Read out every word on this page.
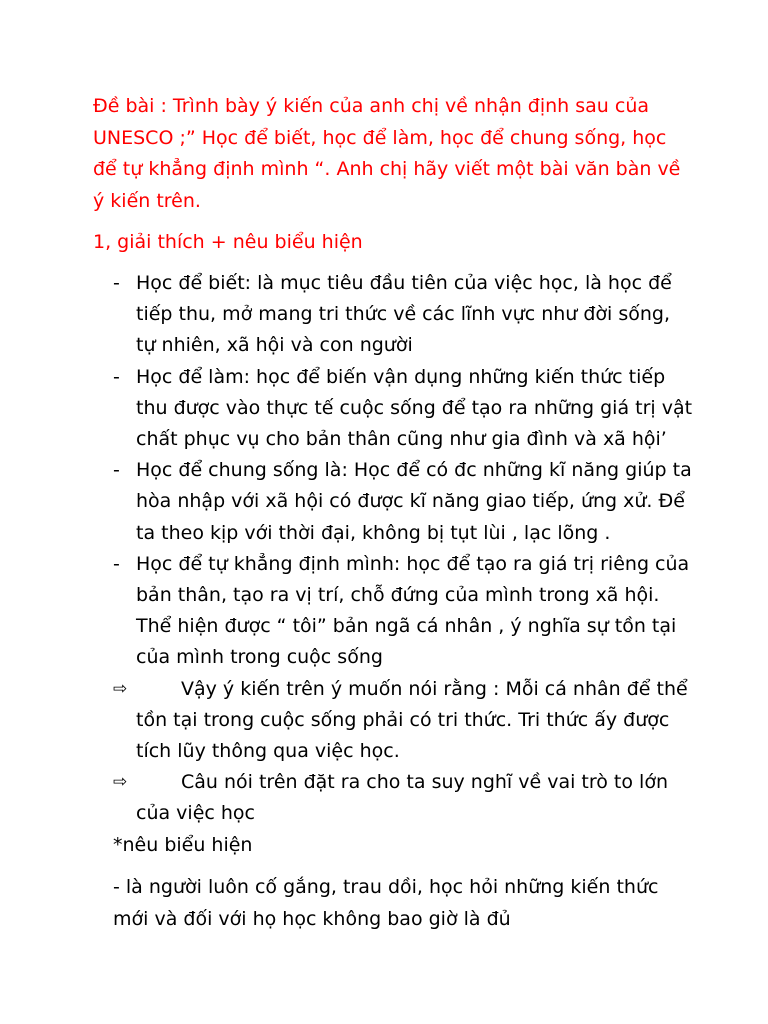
Đề bài : Trình bày ý kiến của anh chị về nhận định sau của UNESCO ;” Học để biết, học để làm, học để chung sống, học để tự khẳng định mình “. Anh chị hãy viết một bài văn bàn về ý kiến trên.
1, giải thích + nêu biểu hiện
- Học để biết: là mục tiêu đầu tiên của việc học, là học để tiếp thu, mở mang tri thức về các lĩnh vực như đời sống, tự nhiên, xã hội và con người
- Học để làm: học để biến vận dụng những kiến thức tiếp thu được vào thực tế cuộc sống để tạo ra những giá trị vật chất phục vụ cho bản thân cũng như gia đình và xã hội’
- Học để chung sống là: Học để có đc những kĩ năng giúp ta hòa nhập với xã hội có được kĩ năng giao tiếp, ứng xử. Để ta theo kịp với thời đại, không bị tụt lùi , lạc lõng .
- Học để tự khẳng định mình: học để tạo ra giá trị riêng của bản thân, tạo ra vị trí, chỗ đứng của mình trong xã hội. Thể hiện được “ tôi” bản ngã cá nhân , ý nghĩa sự tồn tại của mình trong cuộc sống
⇨	Vậy ý kiến trên ý muốn nói rằng : Mỗi cá nhân để thể tồn tại trong cuộc sống phải có tri thức. Tri thức ấy được tích lũy thông qua việc học.
⇨	Câu nói trên đặt ra cho ta suy nghĩ về vai trò to lớn của việc học
*nêu biểu hiện
- là người luôn cố gắng, trau dồi, học hỏi những kiến thức mới và đối với họ học không bao giờ là đủ
